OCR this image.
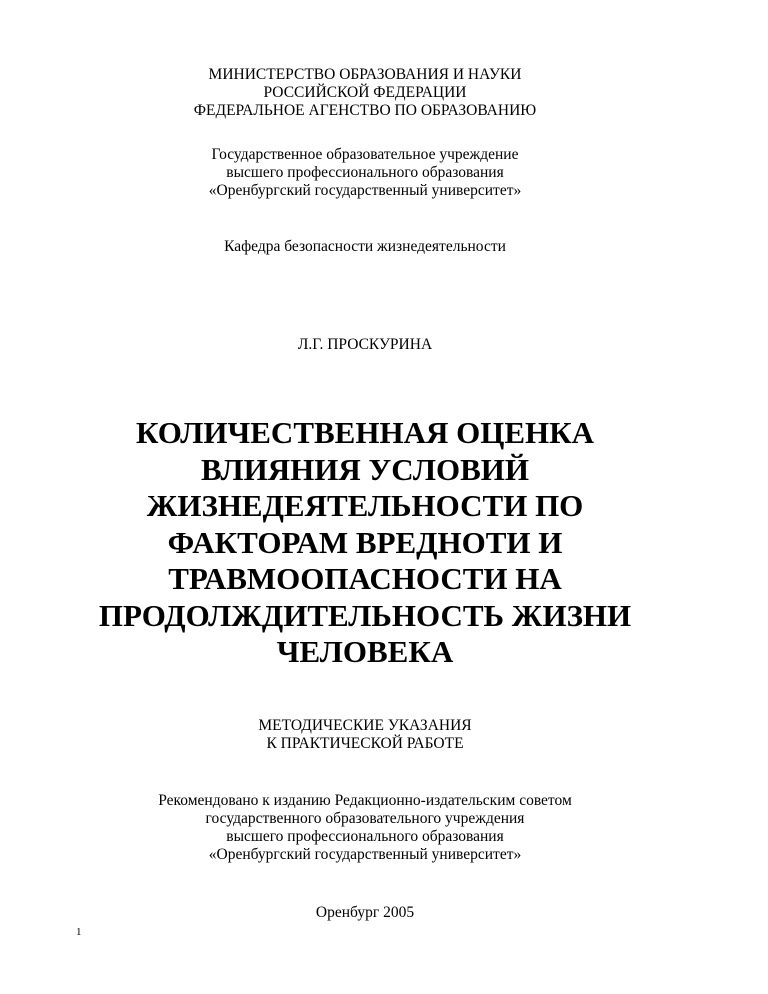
МИНИСТЕРСТВО ОБРАЗОВАНИЯ И НАУКИ
РОССИЙСКОЙ ФЕДЕРАЦИИ
ФЕДЕРАЛЬНОЕ АГЕНСТВО ПО ОБРАЗОВАНИЮ
Государственное образовательное учреждение
высшего профессионального образования
«Оренбургский государственный университет»
Кафедра безопасности жизнедеятельности
Л.Г. ПРОСКУРИНА
КОЛИЧЕСТВЕННАЯ ОЦЕНКА
ВЛИЯНИЯ УСЛОВИЙ
ЖИЗНЕДЕЯТЕЛЬНОСТИ ПО
ФАКТОРАМ ВРЕДНОТИ И
ТРАВМООПАСНОСТИ НА
ПРОДОЛЖДИТЕЛЬНОСТЬ ЖИЗНИ
ЧЕЛОВЕКА
МЕТОДИЧЕСКИЕ УКАЗАНИЯ
К ПРАКТИЧЕСКОЙ РАБОТЕ
Рекомендовано к изданию Редакционно-издательским советом
государственного образовательного учреждения
высшего профессионального образования
«Оренбургский государственный университет»
Оренбург 2005
1
